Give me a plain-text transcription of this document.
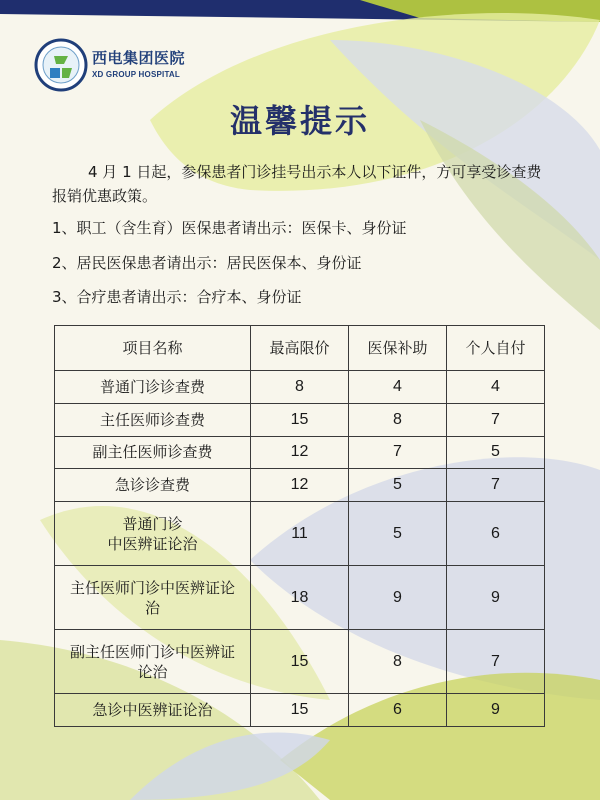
西电集团医院
XD GROUP HOSPITAL
温馨提示
4 月 1 日起，参保患者门诊挂号出示本人以下证件，方可享受诊查费报销优惠政策。
1、职工（含生育）医保患者请出示：医保卡、身份证
2、居民医保患者请出示：居民医保本、身份证
3、合疗患者请出示：合疗本、身份证
项目名称	最高限价	医保补助	个人自付
普通门诊诊查费	8	4	4
主任医师诊查费	15	8	7
副主任医师诊查费	12	7	5
急诊诊查费	12	5	7
普通门诊
中医辨证论治	11	5	6
主任医师门诊中医辨证论治	18	9	9
副主任医师门诊中医辨证论治	15	8	7
急诊中医辨证论治	15	6	9
